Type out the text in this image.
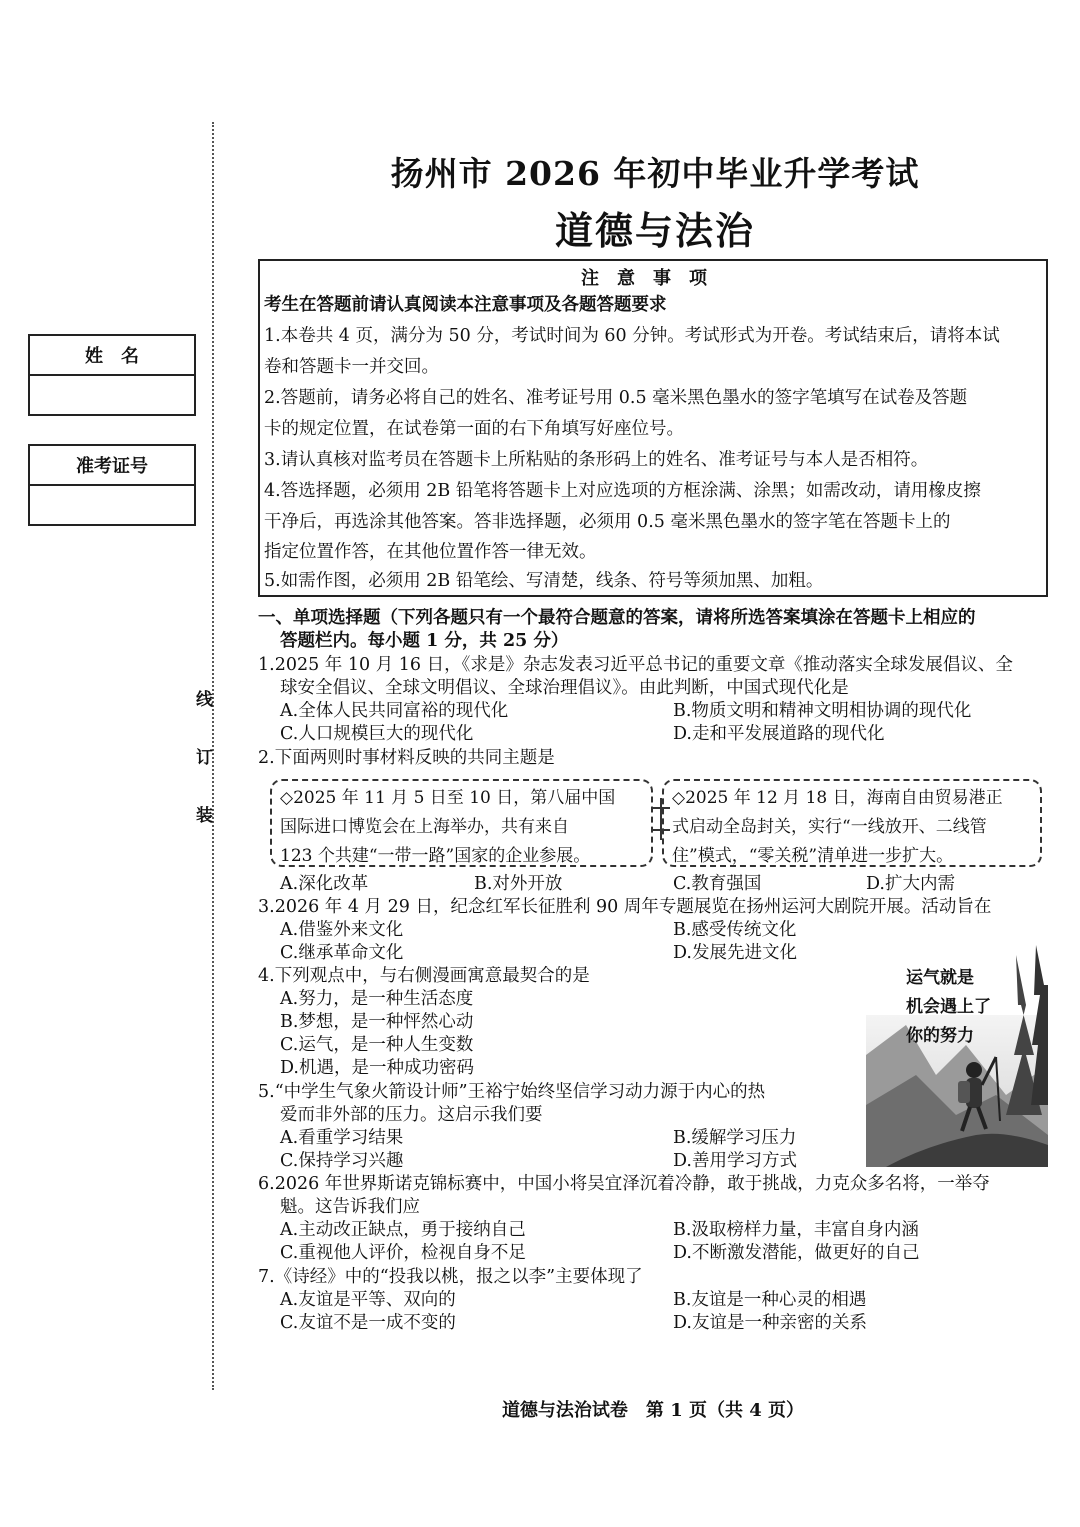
线
订
装
姓　名
准考证号
扬州市 2026 年初中毕业升学考试
道德与法治
注意事项
考生在答题前请认真阅读本注意事项及各题答题要求
1.本卷共 4 页，满分为 50 分，考试时间为 60 分钟。考试形式为开卷。考试结束后，请将本试
卷和答题卡一并交回。
2.答题前，请务必将自己的姓名、准考证号用 0.5 毫米黑色墨水的签字笔填写在试卷及答题
卡的规定位置，在试卷第一面的右下角填写好座位号。
3.请认真核对监考员在答题卡上所粘贴的条形码上的姓名、准考证号与本人是否相符。
4.答选择题，必须用 2B 铅笔将答题卡上对应选项的方框涂满、涂黑；如需改动，请用橡皮擦
干净后，再选涂其他答案。答非选择题，必须用 0.5 毫米黑色墨水的签字笔在答题卡上的
指定位置作答，在其他位置作答一律无效。
5.如需作图，必须用 2B 铅笔绘、写清楚，线条、符号等须加黑、加粗。
一、单项选择题（下列各题只有一个最符合题意的答案，请将所选答案填涂在答题卡上相应的
答题栏内。每小题 1 分，共 25 分）
1.2025 年 10 月 16 日，《求是》杂志发表习近平总书记的重要文章《推动落实全球发展倡议、全
球安全倡议、全球文明倡议、全球治理倡议》。由此判断，中国式现代化是
A.全体人民共同富裕的现代化	B.物质文明和精神文明相协调的现代化
C.人口规模巨大的现代化	D.走和平发展道路的现代化
2.下面两则时事材料反映的共同主题是
◇2025 年 11 月 5 日至 10 日，第八届中国
国际进口博览会在上海举办，共有来自
123 个共建“一带一路”国家的企业参展。
◇2025 年 12 月 18 日，海南自由贸易港正
式启动全岛封关，实行“一线放开、二线管
住”模式，“零关税”清单进一步扩大。
A.深化改革	B.对外开放	C.教育强国	D.扩大内需
3.2026 年 4 月 29 日，纪念红军长征胜利 90 周年专题展览在扬州运河大剧院开展。活动旨在
A.借鉴外来文化	B.感受传统文化
C.继承革命文化	D.发展先进文化
4.下列观点中，与右侧漫画寓意最契合的是
A.努力，是一种生活态度
B.梦想，是一种怦然心动
C.运气，是一种人生变数
D.机遇，是一种成功密码
运气就是
机会遇上了
你的努力
5.“中学生气象火箭设计师”王裕宁始终坚信学习动力源于内心的热
爱而非外部的压力。这启示我们要
A.看重学习结果	B.缓解学习压力
C.保持学习兴趣	D.善用学习方式
6.2026 年世界斯诺克锦标赛中，中国小将吴宜泽沉着冷静，敢于挑战，力克众多名将，一举夺
魁。这告诉我们应
A.主动改正缺点，勇于接纳自己	B.汲取榜样力量，丰富自身内涵
C.重视他人评价，检视自身不足	D.不断激发潜能，做更好的自己
7.《诗经》中的“投我以桃，报之以李”主要体现了
A.友谊是平等、双向的	B.友谊是一种心灵的相遇
C.友谊不是一成不变的	D.友谊是一种亲密的关系
道德与法治试卷　第 1 页（共 4 页）
